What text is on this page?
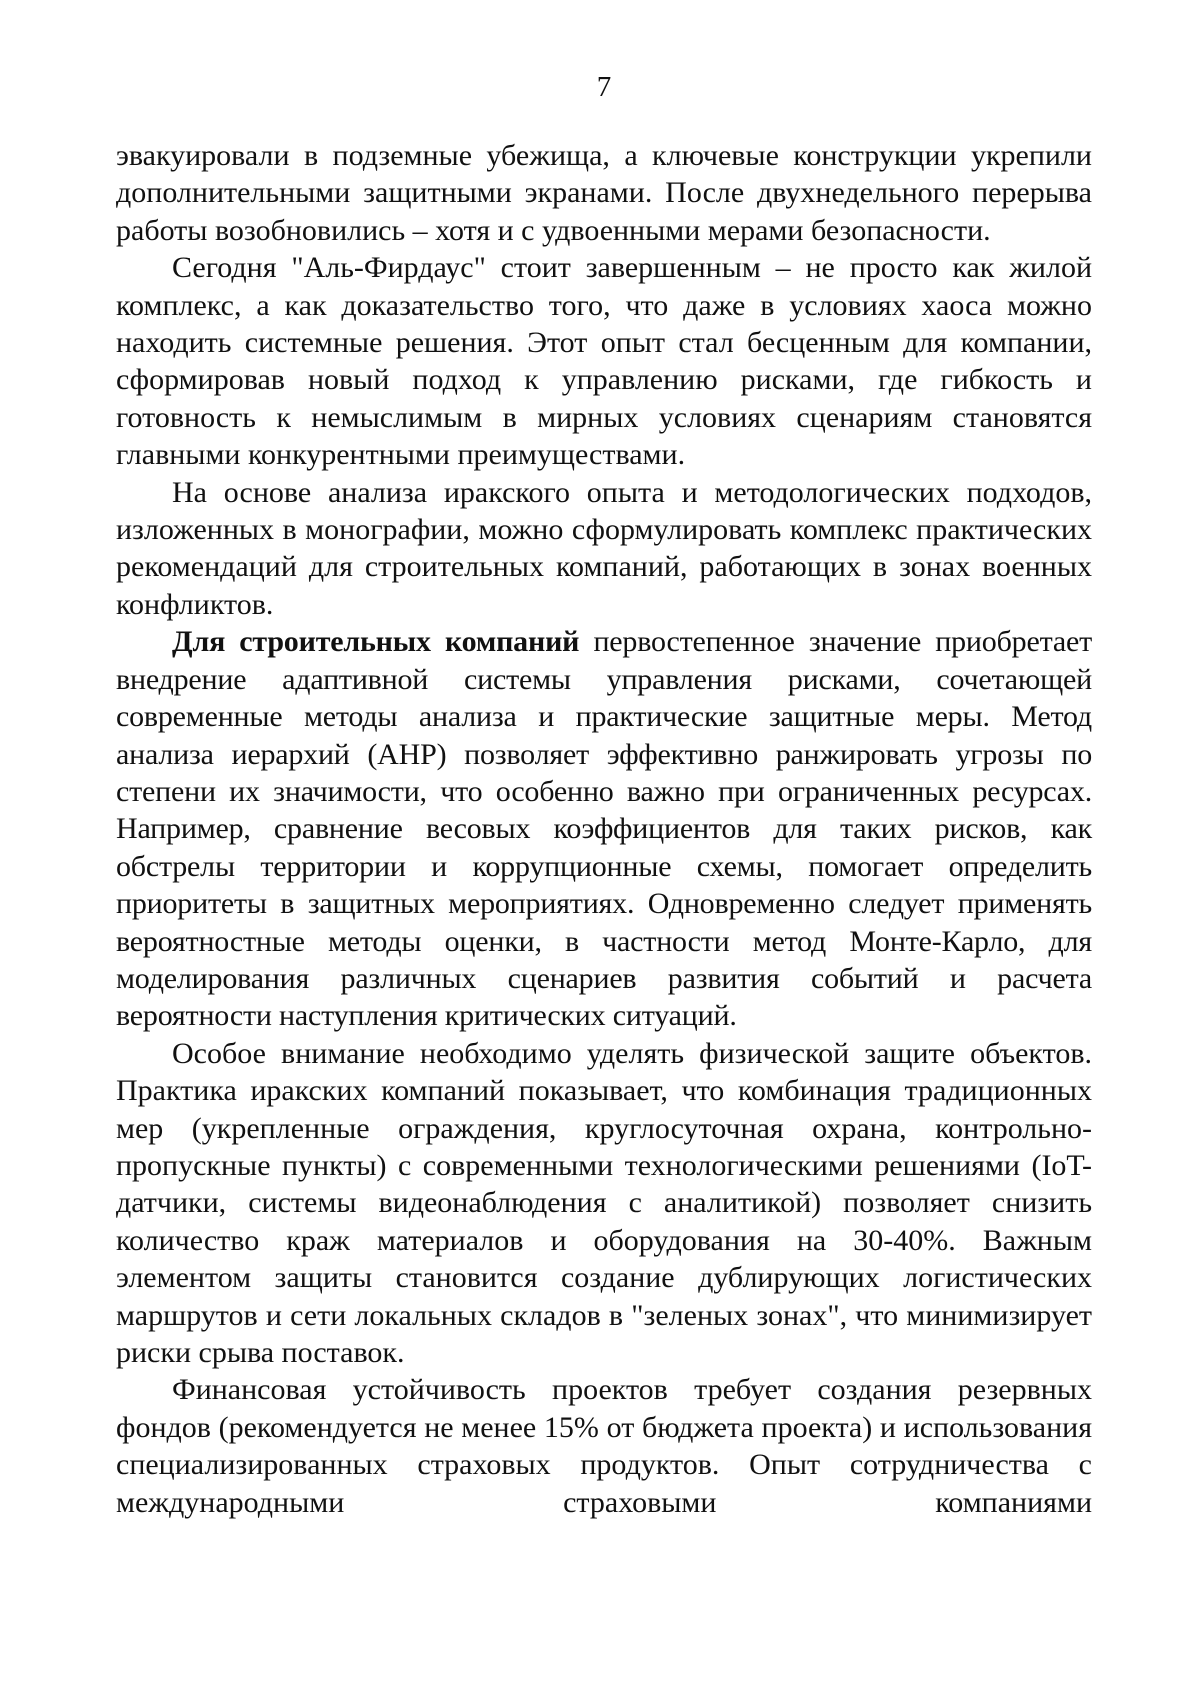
7

эвакуировали в подземные убежища, а ключевые конструкции укрепили дополнительными защитными экранами. После двухнедельного перерыва работы возобновились – хотя и с удвоенными мерами безопасности.

Сегодня "Аль-Фирдаус" стоит завершенным – не просто как жилой комплекс, а как доказательство того, что даже в условиях хаоса можно находить системные решения. Этот опыт стал бесценным для компании, сформировав новый подход к управлению рисками, где гибкость и готовность к немыслимым в мирных условиях сценариям становятся главными конкурентными преимуществами.

На основе анализа иракского опыта и методологических подходов, изложенных в монографии, можно сформулировать комплекс практических рекомендаций для строительных компаний, работающих в зонах военных конфликтов.

Для строительных компаний первостепенное значение приобретает внедрение адаптивной системы управления рисками, сочетающей современные методы анализа и практические защитные меры. Метод анализа иерархий (AHP) позволяет эффективно ранжировать угрозы по степени их значимости, что особенно важно при ограниченных ресурсах. Например, сравнение весовых коэффициентов для таких рисков, как обстрелы территории и коррупционные схемы, помогает определить приоритеты в защитных мероприятиях. Одновременно следует применять вероятностные методы оценки, в частности метод Монте-Карло, для моделирования различных сценариев развития событий и расчета вероятности наступления критических ситуаций.

Особое внимание необходимо уделять физической защите объектов. Практика иракских компаний показывает, что комбинация традиционных мер (укрепленные ограждения, круглосуточная охрана, контрольно-пропускные пункты) с современными технологическими решениями (IoT-датчики, системы видеонаблюдения с аналитикой) позволяет снизить количество краж материалов и оборудования на 30-40%. Важным элементом защиты становится создание дублирующих логистических маршрутов и сети локальных складов в "зеленых зонах", что минимизирует риски срыва поставок.

Финансовая устойчивость проектов требует создания резервных фондов (рекомендуется не менее 15% от бюджета проекта) и использования специализированных страховых продуктов. Опыт сотрудничества с международными страховыми компаниями
